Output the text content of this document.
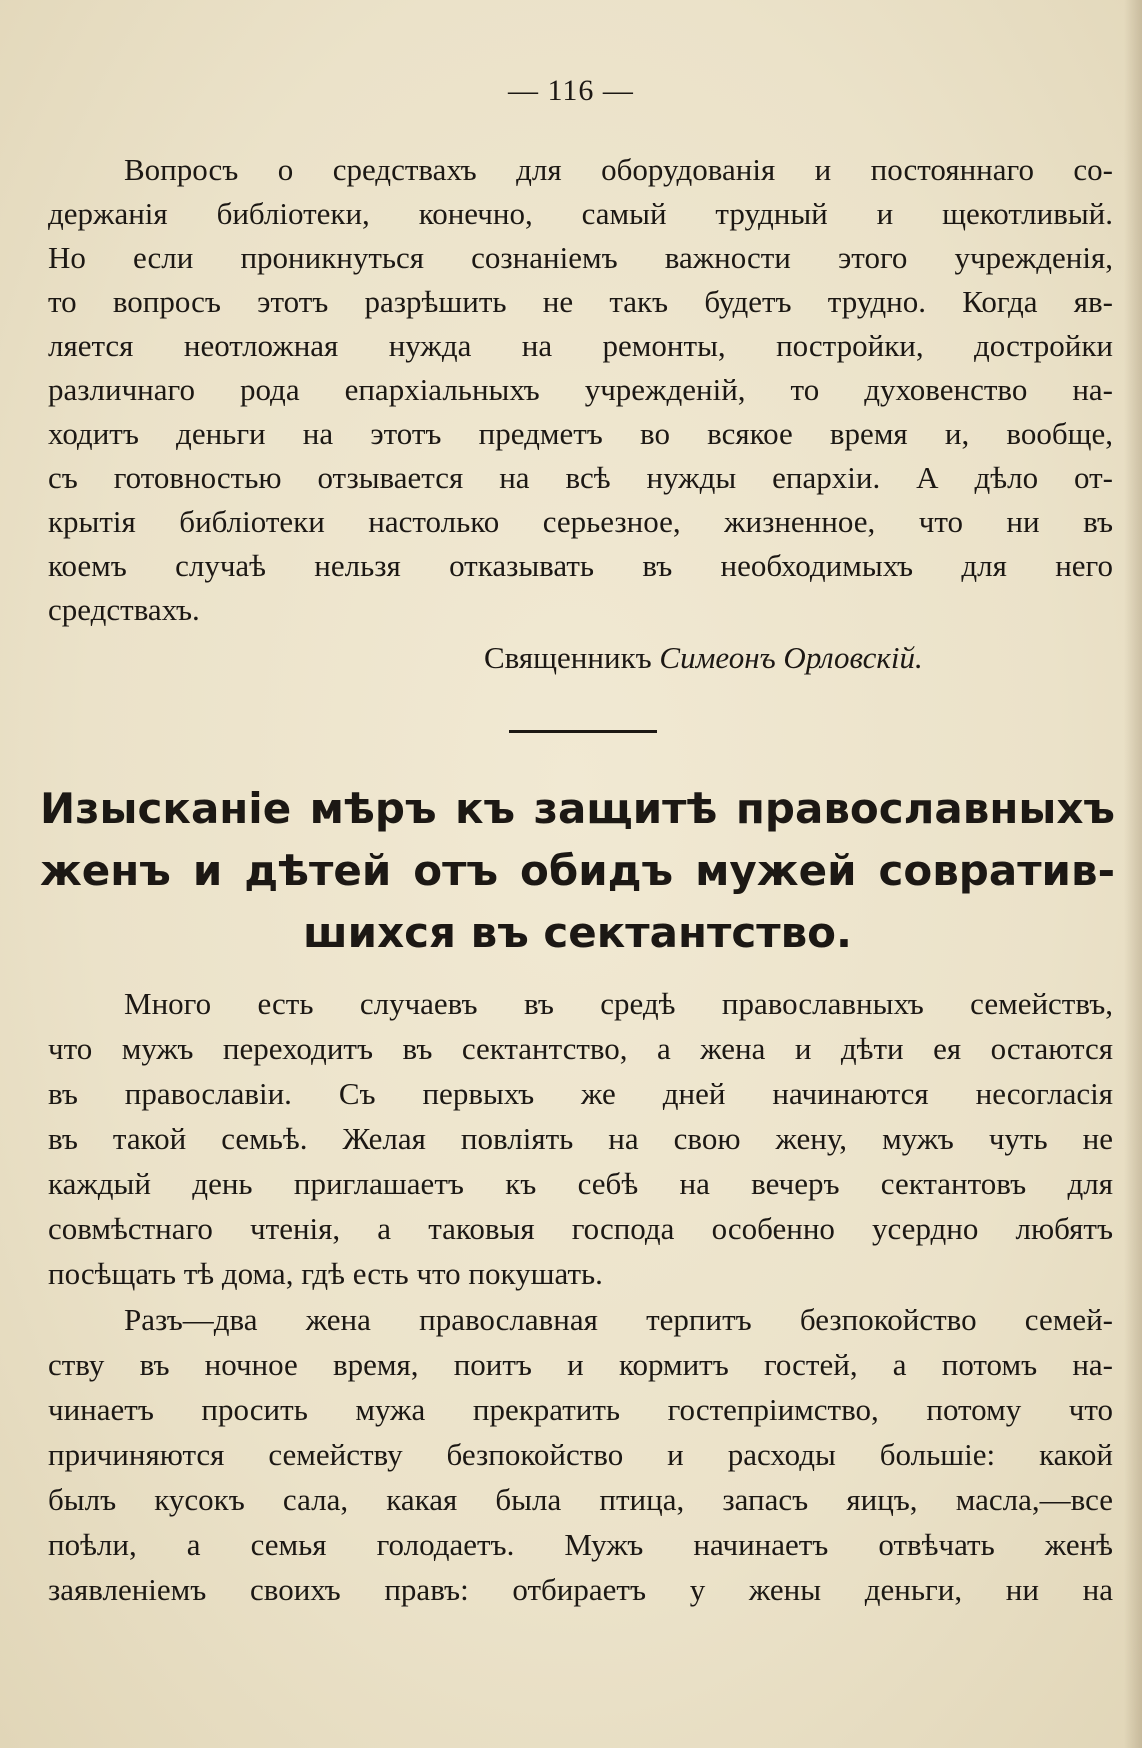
— 116 —
Вопросъ о средствахъ для оборудованія и постояннаго со-
держанія библіотеки, конечно, самый трудный и щекотливый.
Но если проникнуться сознаніемъ важности этого учрежденія,
то вопросъ этотъ разрѣшить не такъ будетъ трудно. Когда яв-
ляется неотложная нужда на ремонты, постройки, достройки
различнаго рода епархіальныхъ учрежденій, то духовенство на-
ходитъ деньги на этотъ предметъ во всякое время и, вообще,
съ готовностью отзывается на всѣ нужды епархіи. А дѣло от-
крытія библіотеки настолько серьезное, жизненное, что ни въ
коемъ случаѣ нельзя отказывать въ необходимыхъ для него
средствахъ.
Священникъ Симеонъ Орловскій.
Изысканіе мѣръ къ защитѣ православныхъ
женъ и дѣтей отъ обидъ мужей совратив-
шихся въ сектантство.
Много есть случаевъ въ средѣ православныхъ семействъ,
что мужъ переходитъ въ сектантство, а жена и дѣти ея остаются
въ православіи. Съ первыхъ же дней начинаются несогласія
въ такой семьѣ. Желая повліять на свою жену, мужъ чуть не
каждый день приглашаетъ къ себѣ на вечеръ сектантовъ для
совмѣстнаго чтенія, а таковыя господа особенно усердно любятъ
посѣщать тѣ дома, гдѣ есть что покушать.
Разъ—два жена православная терпитъ безпокойство семей-
ству въ ночное время, поитъ и кормитъ гостей, а потомъ на-
чинаетъ просить мужа прекратить гостепріимство, потому что
причиняются семейству безпокойство и расходы большіе: какой
былъ кусокъ сала, какая была птица, запасъ яицъ, масла,—все
поѣли, а семья голодаетъ. Мужъ начинаетъ отвѣчать женѣ
заявленіемъ своихъ правъ: отбираетъ у жены деньги, ни на
